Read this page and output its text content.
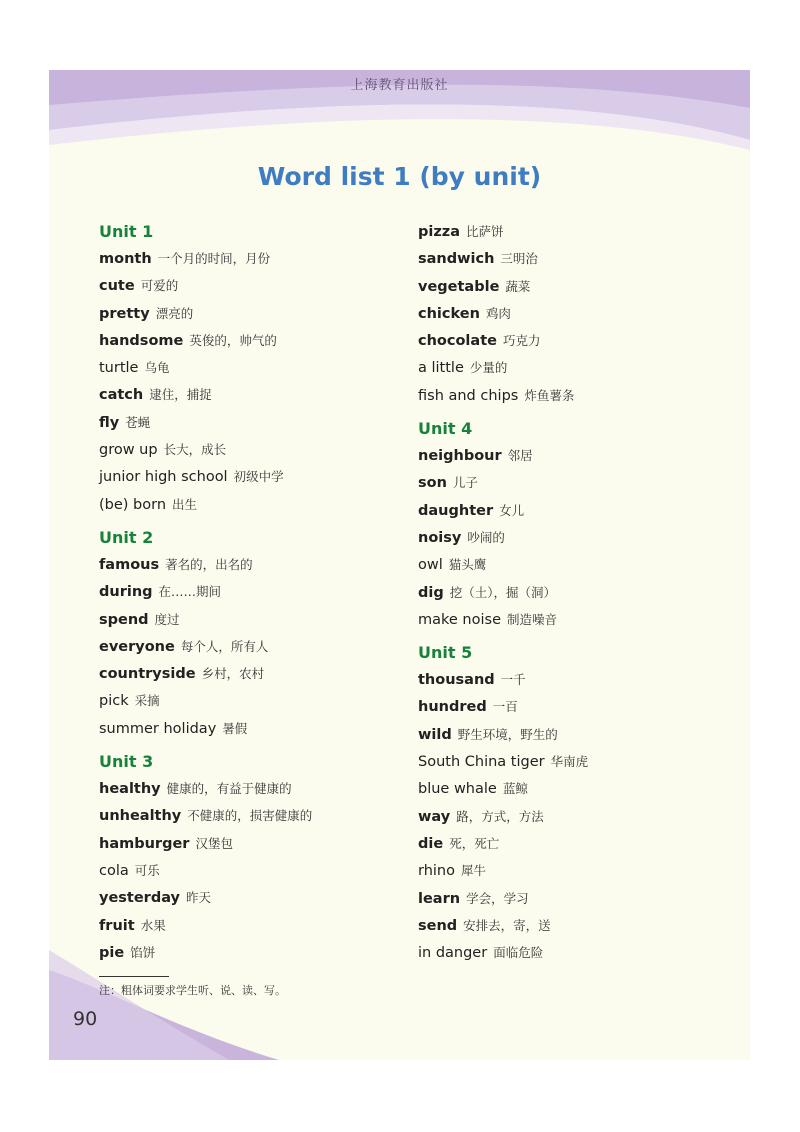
上海教育出版社
Word list 1 (by unit)
Unit 1
month 一个月的时间，月份
cute 可爱的
pretty 漂亮的
handsome 英俊的，帅气的
turtle 乌龟
catch 逮住，捕捉
fly 苍蝇
grow up 长大，成长
junior high school 初级中学
(be) born 出生
Unit 2
famous 著名的，出名的
during 在……期间
spend 度过
everyone 每个人，所有人
countryside 乡村，农村
pick 采摘
summer holiday 暑假
Unit 3
healthy 健康的，有益于健康的
unhealthy 不健康的，损害健康的
hamburger 汉堡包
cola 可乐
yesterday 昨天
fruit 水果
pie 馅饼
pizza 比萨饼
sandwich 三明治
vegetable 蔬菜
chicken 鸡肉
chocolate 巧克力
a little 少量的
fish and chips 炸鱼薯条
Unit 4
neighbour 邻居
son 儿子
daughter 女儿
noisy 吵闹的
owl 猫头鹰
dig 挖（土），掘（洞）
make noise 制造噪音
Unit 5
thousand 一千
hundred 一百
wild 野生环境，野生的
South China tiger 华南虎
blue whale 蓝鲸
way 路，方式，方法
die 死，死亡
rhino 犀牛
learn 学会，学习
send 安排去，寄，送
in danger 面临危险
注：粗体词要求学生听、说、读、写。
90
